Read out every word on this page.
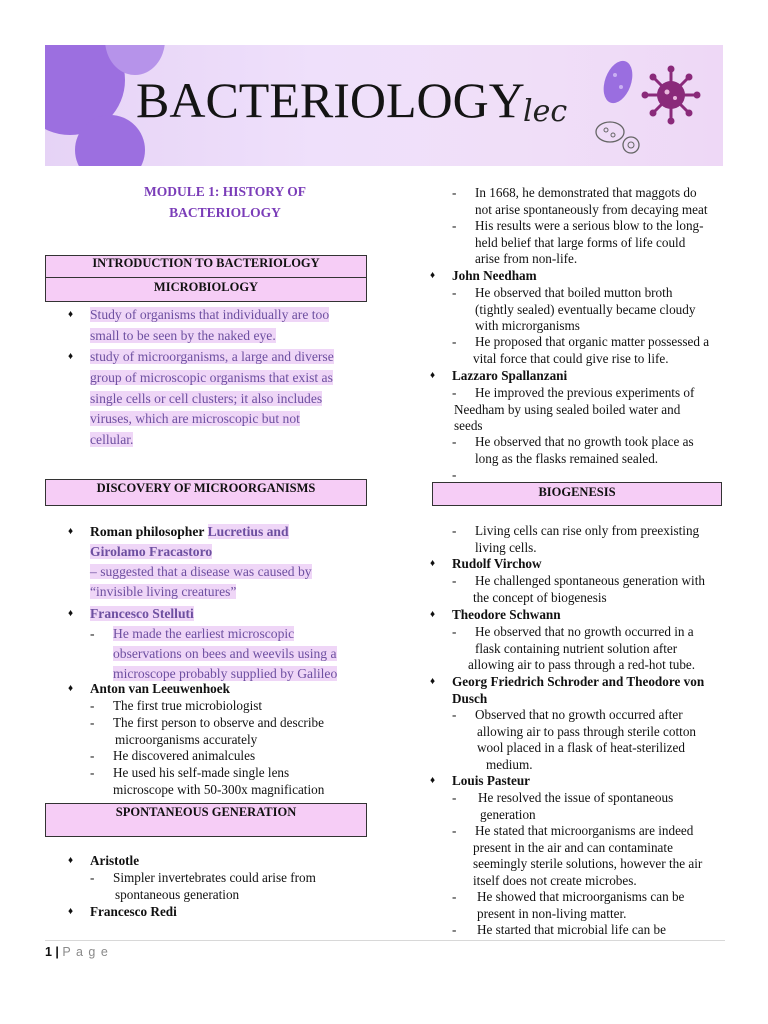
BACTERIOLOGY
lec
MODULE 1: HISTORY OF
BACTERIOLOGY
INTRODUCTION TO BACTERIOLOGY
MICROBIOLOGY
♦ Study of organisms that individually are too
small to be seen by the naked eye.
♦ study of microorganisms, a large and diverse
group of microscopic organisms that exist as
single cells or cell clusters; it also includes
viruses, which are microscopic but not
cellular.
DISCOVERY OF MICROORGANISMS
♦ Roman philosopher Lucretius and
Girolamo Fracastoro
– suggested that a disease was caused by
“invisible living creatures”
♦ Francesco Stelluti
- He made the earliest microscopic
observations on bees and weevils using a
microscope probably supplied by Galileo
♦ Anton van Leeuwenhoek
- The first true microbiologist
- The first person to observe and describe
microorganisms accurately
- He discovered animalcules
- He used his self-made single lens
microscope with 50-300x magnification
SPONTANEOUS GENERATION
♦ Aristotle
- Simpler invertebrates could arise from
spontaneous generation
♦ Francesco Redi
- In 1668, he demonstrated that maggots do
not arise spontaneously from decaying meat
- His results were a serious blow to the long-
held belief that large forms of life could
arise from non-life.
♦ John Needham
- He observed that boiled mutton broth
(tightly sealed) eventually became cloudy
with microrganisms
- He proposed that organic matter possessed a
vital force that could give rise to life.
♦ Lazzaro Spallanzani
-	He improved the previous experiments of
Needham by using sealed boiled water and
seeds
- He observed that no growth took place as
long as the flasks remained sealed.
-
BIOGENESIS
- Living cells can rise only from preexisting
living cells.
♦ Rudolf Virchow
- He challenged spontaneous generation with
the concept of biogenesis
♦ Theodore Schwann
- He observed that no growth occurred in a
flask containing nutrient solution after
allowing air to pass through a red-hot tube.
♦ Georg Friedrich Schroder and Theodore von
Dusch
- Observed that no growth occurred after
allowing air to pass through sterile cotton
wool placed in a flask of heat-sterilized
medium.
♦ Louis Pasteur
- He resolved the issue of spontaneous
generation
- He stated that microorganisms are indeed
present in the air and can contaminate
seemingly sterile solutions, however the air
itself does not create microbes.
- He showed that microorganisms can be
present in non-living matter.
- He started that microbial life can be
1 | P a g e
